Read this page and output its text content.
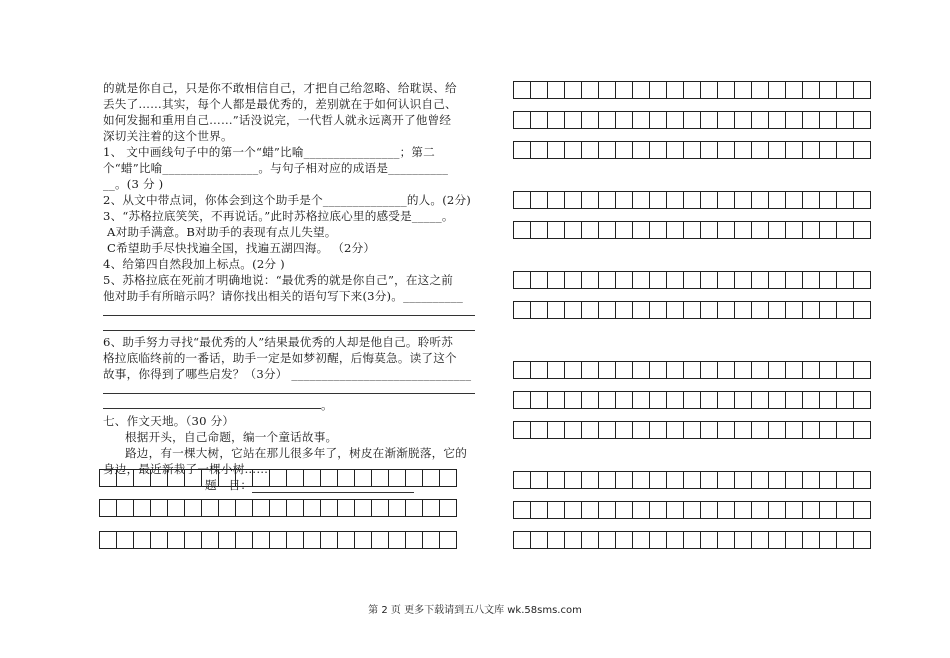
的就是你自己，只是你不敢相信自己，才把自己给忽略、给耽误、给

丢失了……其实，每个人都是最优秀的，差别就在于如何认识自己、

如何发掘和重用自己……”话没说完，一代哲人就永远离开了他曾经

深切关注着的这个世界。

1、 文中画线句子中的第一个“蜡”比喻________________；第二

个“蜡”比喻________________。与句子相对应的成语是__________

__。(3 分 )

2、从文中带点词，你体会到这个助手是个______________的人。(2分)

3、“苏格拉底笑笑，不再说话。”此时苏格拉底心里的感受是_____。

A对助手满意。B对助手的表现有点儿失望。

C希望助手尽快找遍全国，找遍五湖四海。 （2分）

4、给第四自然段加上标点。(2分 )

5、苏格拉底在死前才明确地说：“最优秀的就是你自己”，在这之前

他对助手有所暗示吗？请你找出相关的语句写下来(3分)。__________

6、助手努力寻找“最优秀的人”结果最优秀的人却是他自己。聆听苏

格拉底临终前的一番话，助手一定是如梦初醒，后悔莫急。读了这个

故事，你得到了哪些启发？（3分） ______________________________

。

七、作文天地。（30 分）

根据开头，自己命题，编一个童话故事。

路边，有一棵大树，它站在那儿很多年了，树皮在渐渐脱落，它的

身边，最近新栽了一棵小树……

题　目：

第 2 页 更多下载请到五八文库 wk.58sms.com
